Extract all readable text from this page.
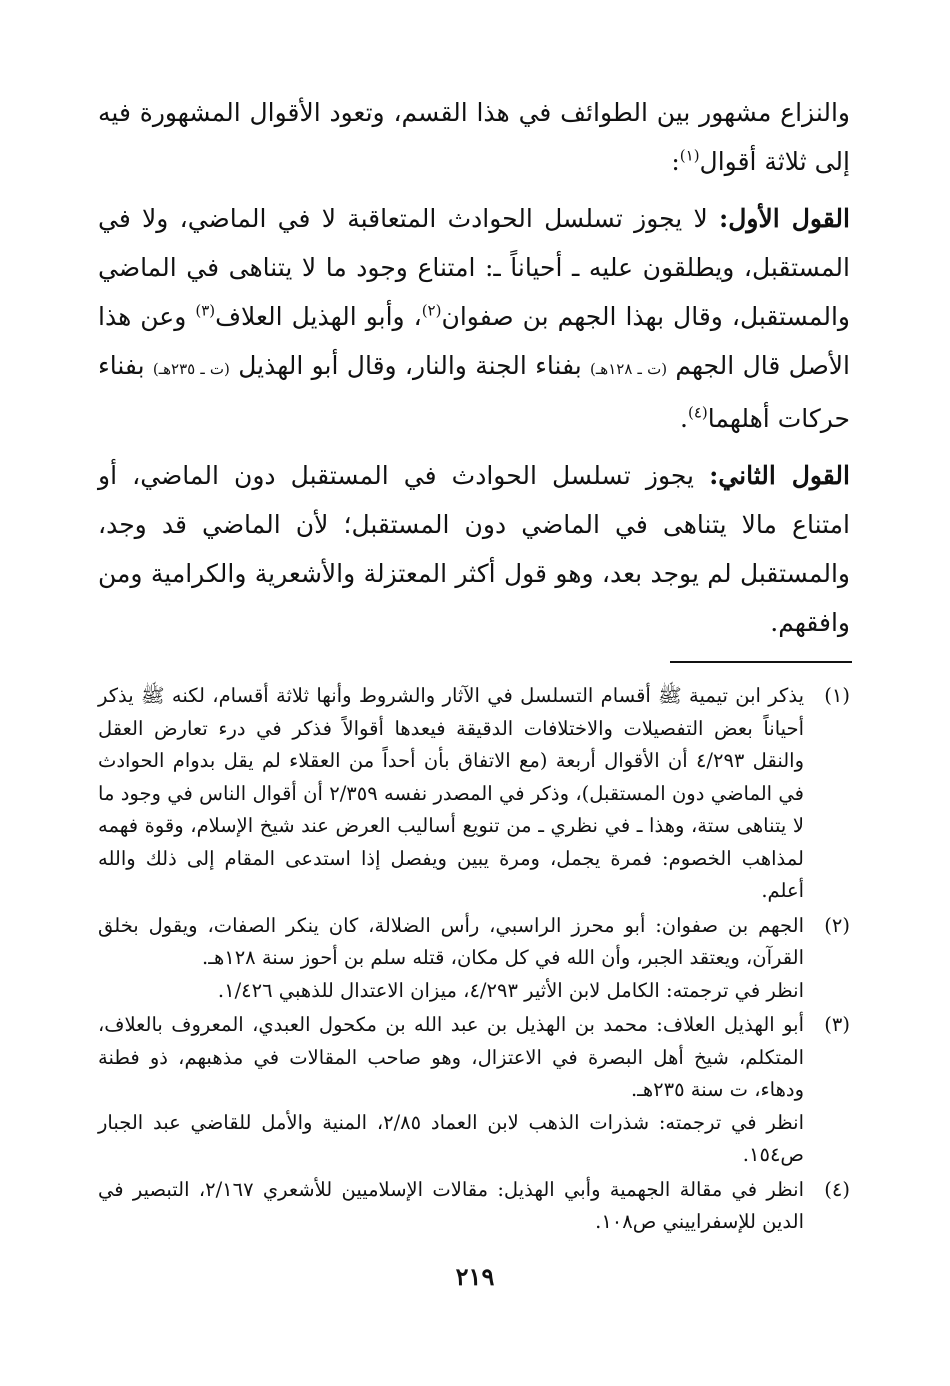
والنزاع مشهور بين الطوائف في هذا القسم، وتعود الأقوال المشهورة فيه إلى ثلاثة أقوال$^{(١)}$:

القول الأول: لا يجوز تسلسل الحوادث المتعاقبة لا في الماضي، ولا في المستقبل، ويطلقون عليه ـ أحياناً ـ: امتناع وجود ما لا يتناهى في الماضي والمستقبل، وقال بهذا الجهم بن صفوان$^{(٢)}$، وأبو الهذيل العلاف$^{(٣)}$ وعن هذا الأصل قال الجهم (ت ـ ١٢٨هـ) بفناء الجنة والنار، وقال أبو الهذيل (ت ـ ٢٣٥هـ) بفناء حركات أهلهما$^{(٤)}$.

القول الثاني: يجوز تسلسل الحوادث في المستقبل دون الماضي، أو امتناع مالا يتناهى في الماضي دون المستقبل؛ لأن الماضي قد وجد، والمستقبل لم يوجد بعد، وهو قول أكثر المعتزلة والأشعرية والكرامية ومن وافقهم.

(١)

يذكر ابن تيمية ﷺ أقسام التسلسل في الآثار والشروط وأنها ثلاثة أقسام، لكنه ﷺ يذكر أحياناً بعض التفصيلات والاختلافات الدقيقة فيعدها أقوالاً فذكر في درء تعارض العقل والنقل ٤/٢٩٣ أن الأقوال أربعة (مع الاتفاق بأن أحداً من العقلاء لم يقل بدوام الحوادث في الماضي دون المستقبل)، وذكر في المصدر نفسه ٢/٣٥٩ أن أقوال الناس في وجود ما لا يتناهى ستة، وهذا ـ في نظري ـ من تنويع أساليب العرض عند شيخ الإسلام، وقوة فهمه لمذاهب الخصوم: فمرة يجمل، ومرة يبين ويفصل إذا استدعى المقام إلى ذلك والله أعلم.

(٢)

الجهم بن صفوان: أبو محرز الراسبي، رأس الضلالة، كان ينكر الصفات، ويقول بخلق القرآن، ويعتقد الجبر، وأن الله في كل مكان، قتله سلم بن أحوز سنة ١٢٨هـ.

انظر في ترجمته: الكامل لابن الأثير ٤/٢٩٣، ميزان الاعتدال للذهبي ١/٤٢٦.

(٣)

أبو الهذيل العلاف: محمد بن الهذيل بن عبد الله بن مكحول العبدي، المعروف بالعلاف، المتكلم، شيخ أهل البصرة في الاعتزال، وهو صاحب المقالات في مذهبهم، ذو فطنة ودهاء، ت سنة ٢٣٥هـ.

انظر في ترجمته: شذرات الذهب لابن العماد ٢/٨٥، المنية والأمل للقاضي عبد الجبار ص١٥٤.

(٤)

انظر في مقالة الجهمية وأبي الهذيل: مقالات الإسلاميين للأشعري ٢/١٦٧، التبصير في الدين للإسفراييني ص١٠٨.

٢١٩
